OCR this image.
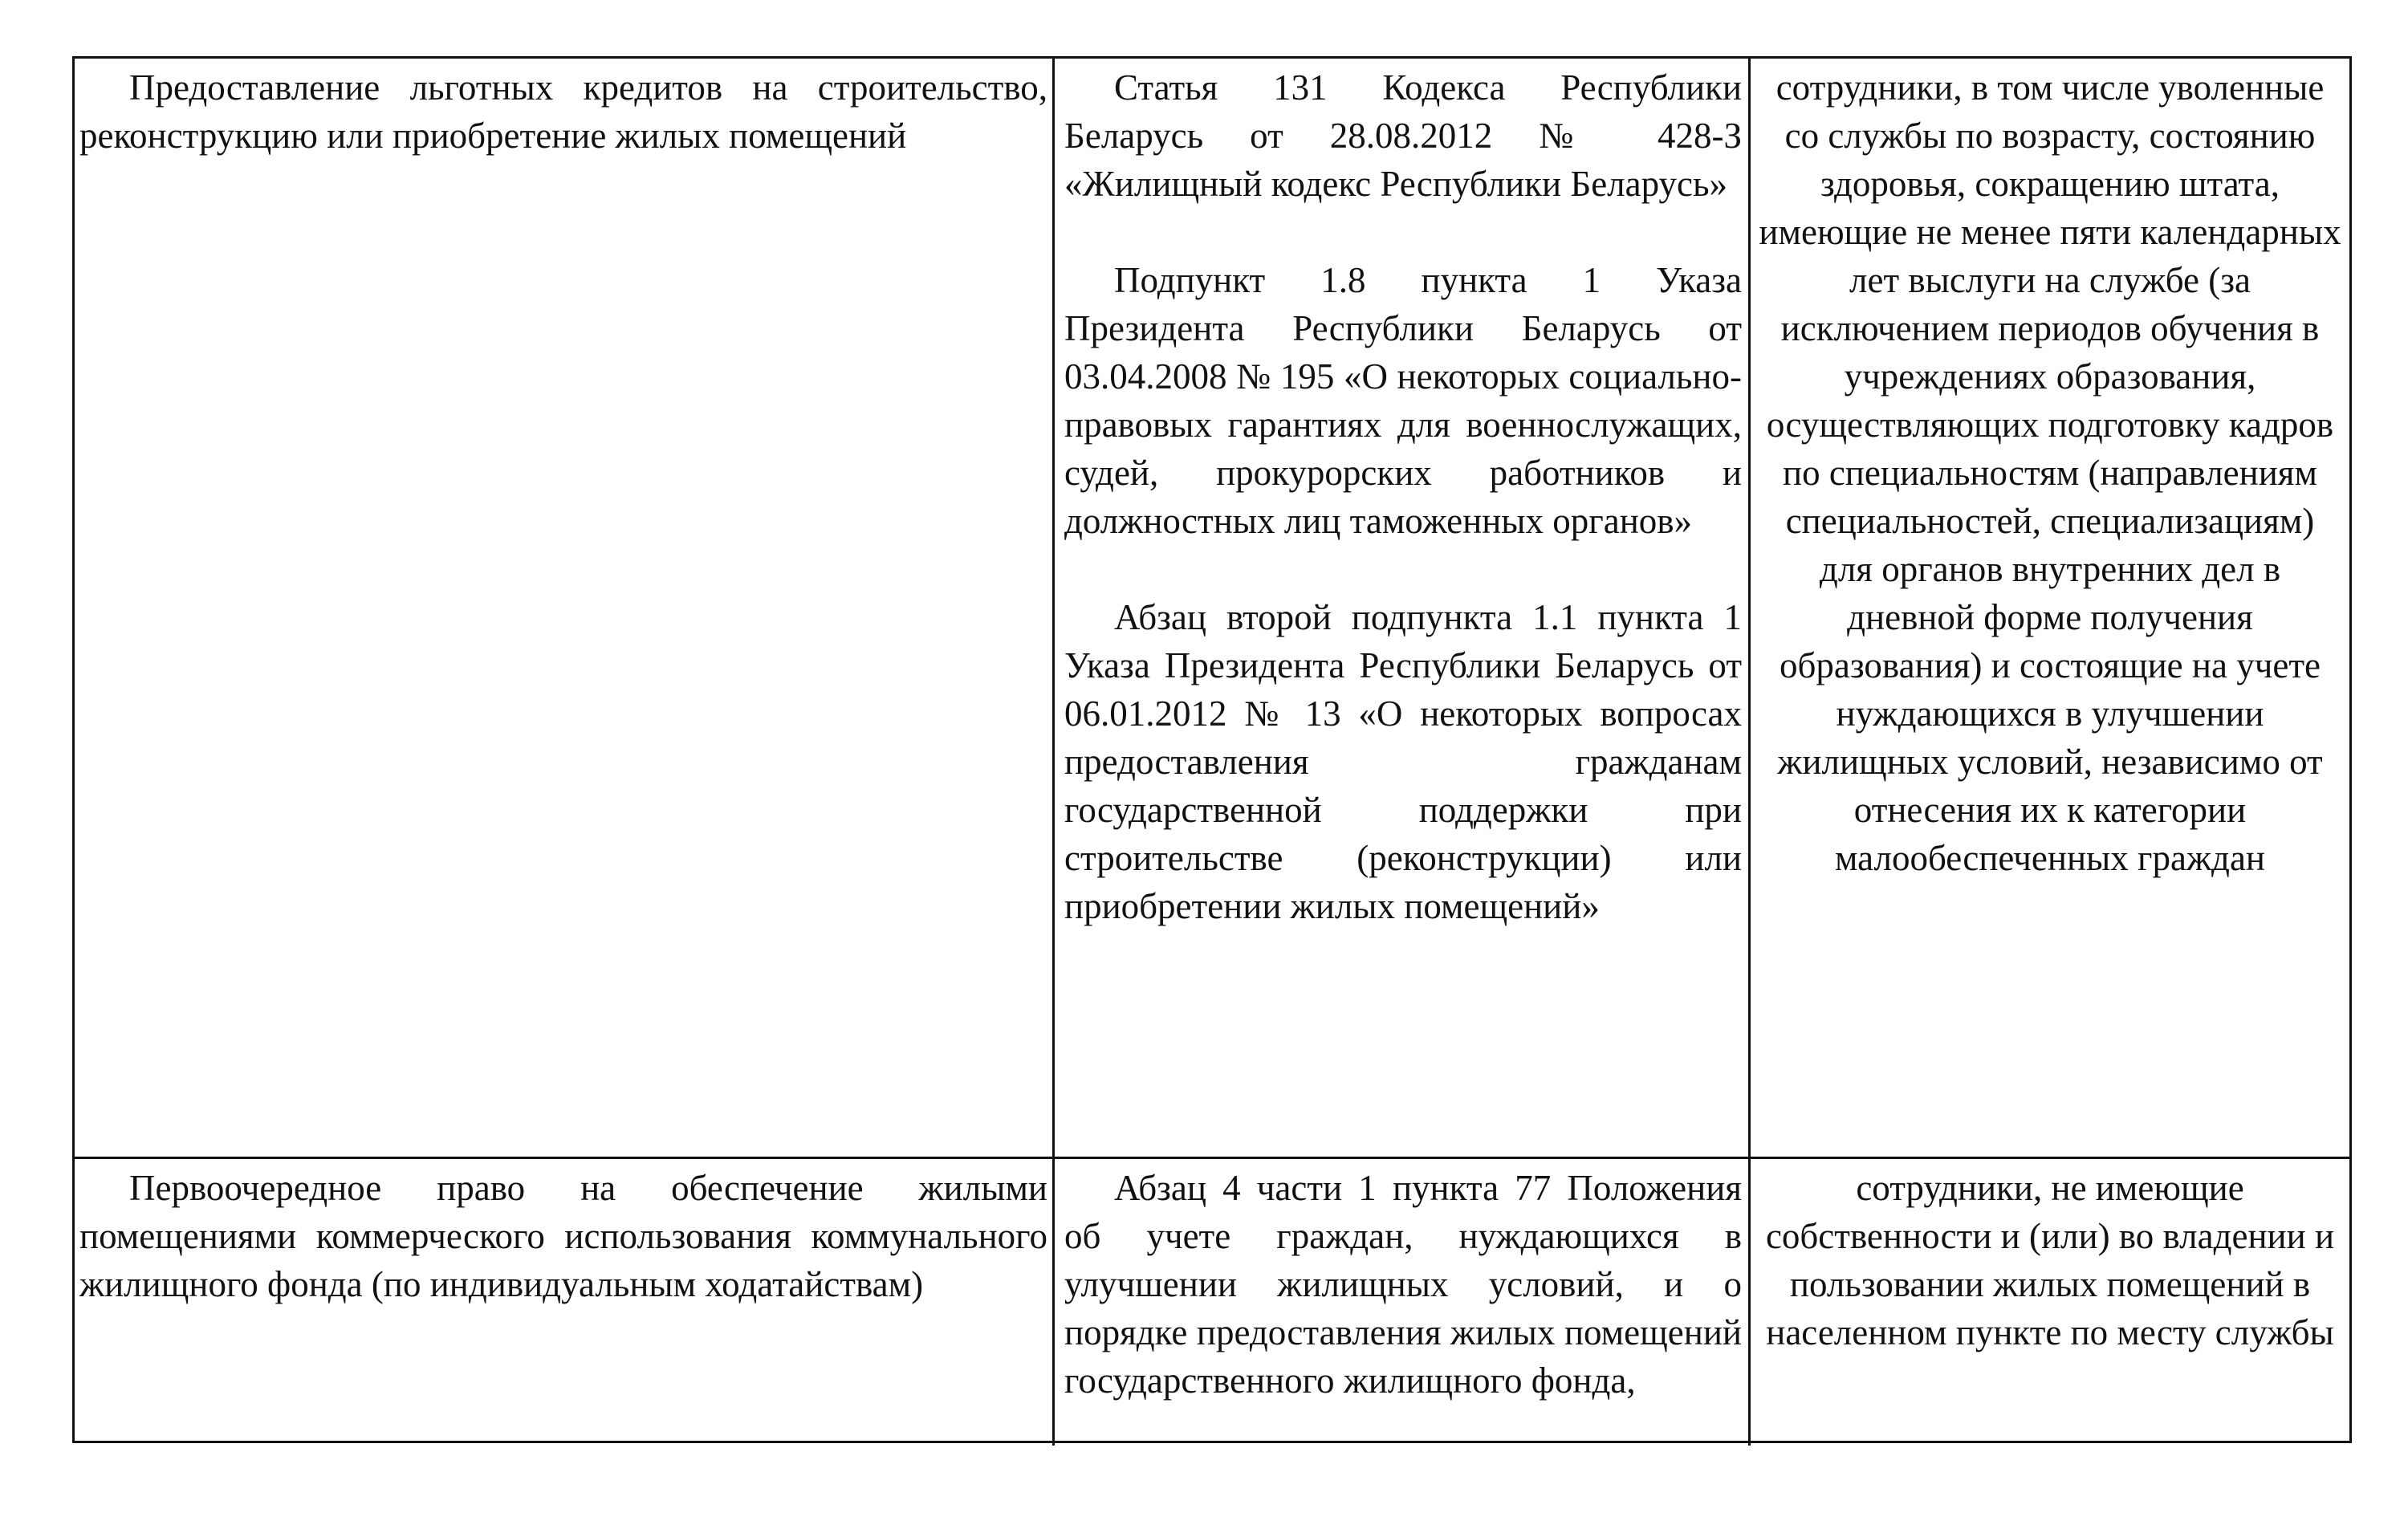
Предоставление льготных кредитов на строительство, реконструкцию или приобретение жилых помещений

Статья 131 Кодекса Республики Беларусь от 28.08.2012 № 428-З «Жилищный кодекс Республики Беларусь»

Подпункт 1.8 пункта 1 Указа Президента Республики Беларусь от 03.04.2008 № 195 «О некоторых социально-правовых гарантиях для военнослужащих, судей, прокурорских работников и должностных лиц таможенных органов»

Абзац второй подпункта 1.1 пункта 1 Указа Президента Республики Беларусь от 06.01.2012 № 13 «О некоторых вопросах предоставления гражданам государственной поддержки при строительстве (реконструкции) или приобретении жилых помещений»

сотрудники, в том числе уволенные со службы по возрасту, состоянию здоровья, сокращению штата, имеющие не менее пяти календарных лет выслуги на службе (за исключением периодов обучения в учреждениях образования, осуществляющих подготовку кадров по специальностям (направлениям специальностей, специализациям) для органов внутренних дел в дневной форме получения образования) и состоящие на учете нуждающихся в улучшении жилищных условий, независимо от отнесения их к категории малообеспеченных граждан

Первоочередное право на обеспечение жилыми помещениями коммерческого использования коммунального жилищного фонда (по индивидуальным ходатайствам)

Абзац 4 части 1 пункта 77 Положения об учете граждан, нуждающихся в улучшении жилищных условий, и о порядке предоставления жилых помещений государственного жилищного фонда,

сотрудники, не имеющие собственности и (или) во владении и пользовании жилых помещений в населенном пункте по месту службы
